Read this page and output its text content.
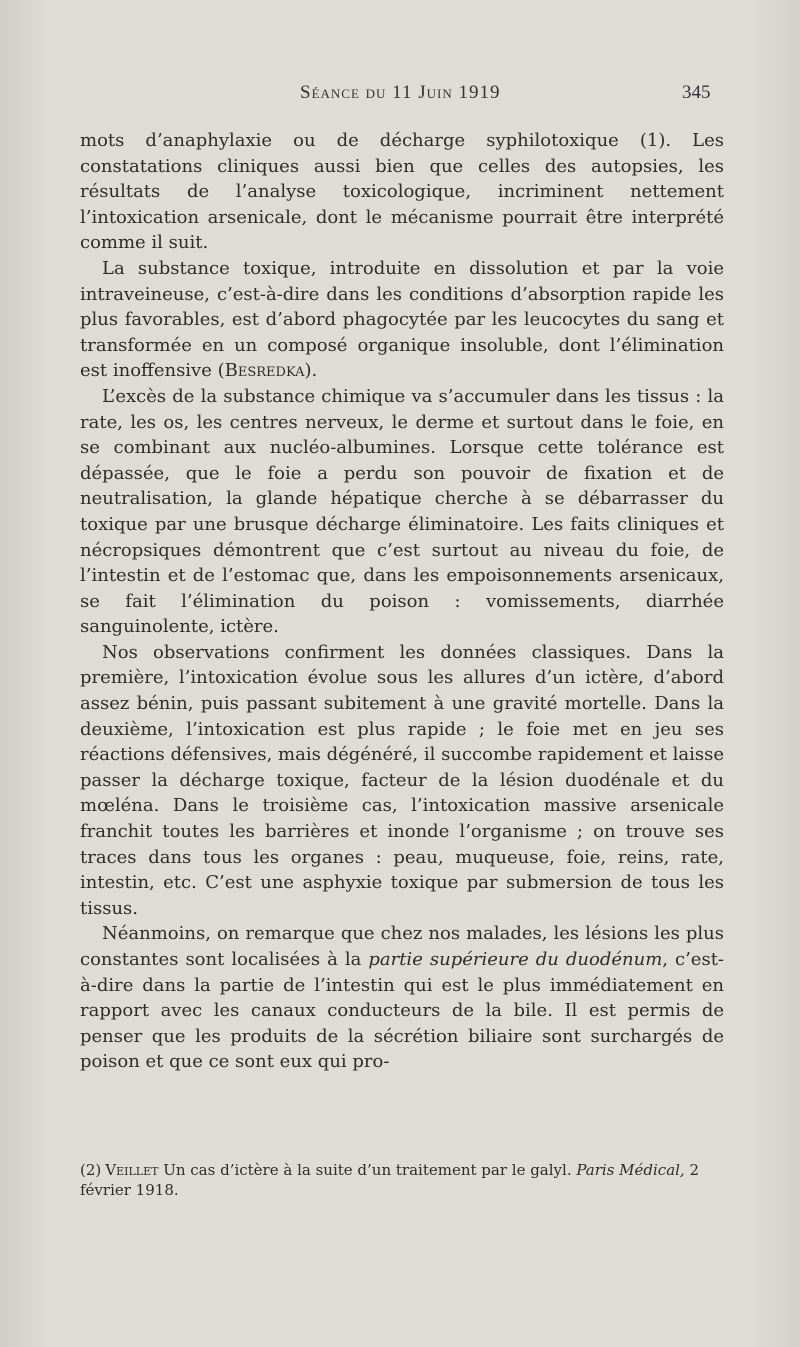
Séance du 11 Juin 1919	345

mots d’anaphylaxie ou de décharge syphilotoxique (1). Les constatations cliniques aussi bien que celles des autopsies, les résultats de l’analyse toxicologique, incriminent nettement l’intoxication arsenicale, dont le mécanisme pourrait être interprété comme il suit.

La substance toxique, introduite en dissolution et par la voie intraveineuse, c’est-à-dire dans les conditions d’absorption rapide les plus favorables, est d’abord phagocytée par les leucocytes du sang et transformée en un composé organique insoluble, dont l’élimination est inoffensive (Besredka).

L’excès de la substance chimique va s’accumuler dans les tissus : la rate, les os, les centres nerveux, le derme et surtout dans le foie, en se combinant aux nucléo-albumines. Lorsque cette tolérance est dépassée, que le foie a perdu son pouvoir de fixation et de neutralisation, la glande hépatique cherche à se débarrasser du toxique par une brusque décharge éliminatoire. Les faits cliniques et nécropsiques démontrent que c’est surtout au niveau du foie, de l’intestin et de l’estomac que, dans les empoisonnements arsenicaux, se fait l’élimination du poison : vomissements, diarrhée sanguinolente, ictère.

Nos observations confirment les données classiques. Dans la première, l’intoxication évolue sous les allures d’un ictère, d’abord assez bénin, puis passant subitement à une gravité mortelle. Dans la deuxième, l’intoxication est plus rapide ; le foie met en jeu ses réactions défensives, mais dégénéré, il succombe rapidement et laisse passer la décharge toxique, facteur de la lésion duodénale et du mœléna. Dans le troisième cas, l’intoxication massive arsenicale franchit toutes les barrières et inonde l’organisme ; on trouve ses traces dans tous les organes : peau, muqueuse, foie, reins, rate, intestin, etc. C’est une asphyxie toxique par submersion de tous les tissus.

Néanmoins, on remarque que chez nos malades, les lésions les plus constantes sont localisées à la partie supérieure du duodénum, c’est-à-dire dans la partie de l’intestin qui est le plus immédiatement en rapport avec les canaux conducteurs de la bile. Il est permis de penser que les produits de la sécrétion biliaire sont surchargés de poison et que ce sont eux qui pro-

(2) Veillet Un cas d’ictère à la suite d’un traitement par le galyl. Paris Médical, 2 février 1918.
